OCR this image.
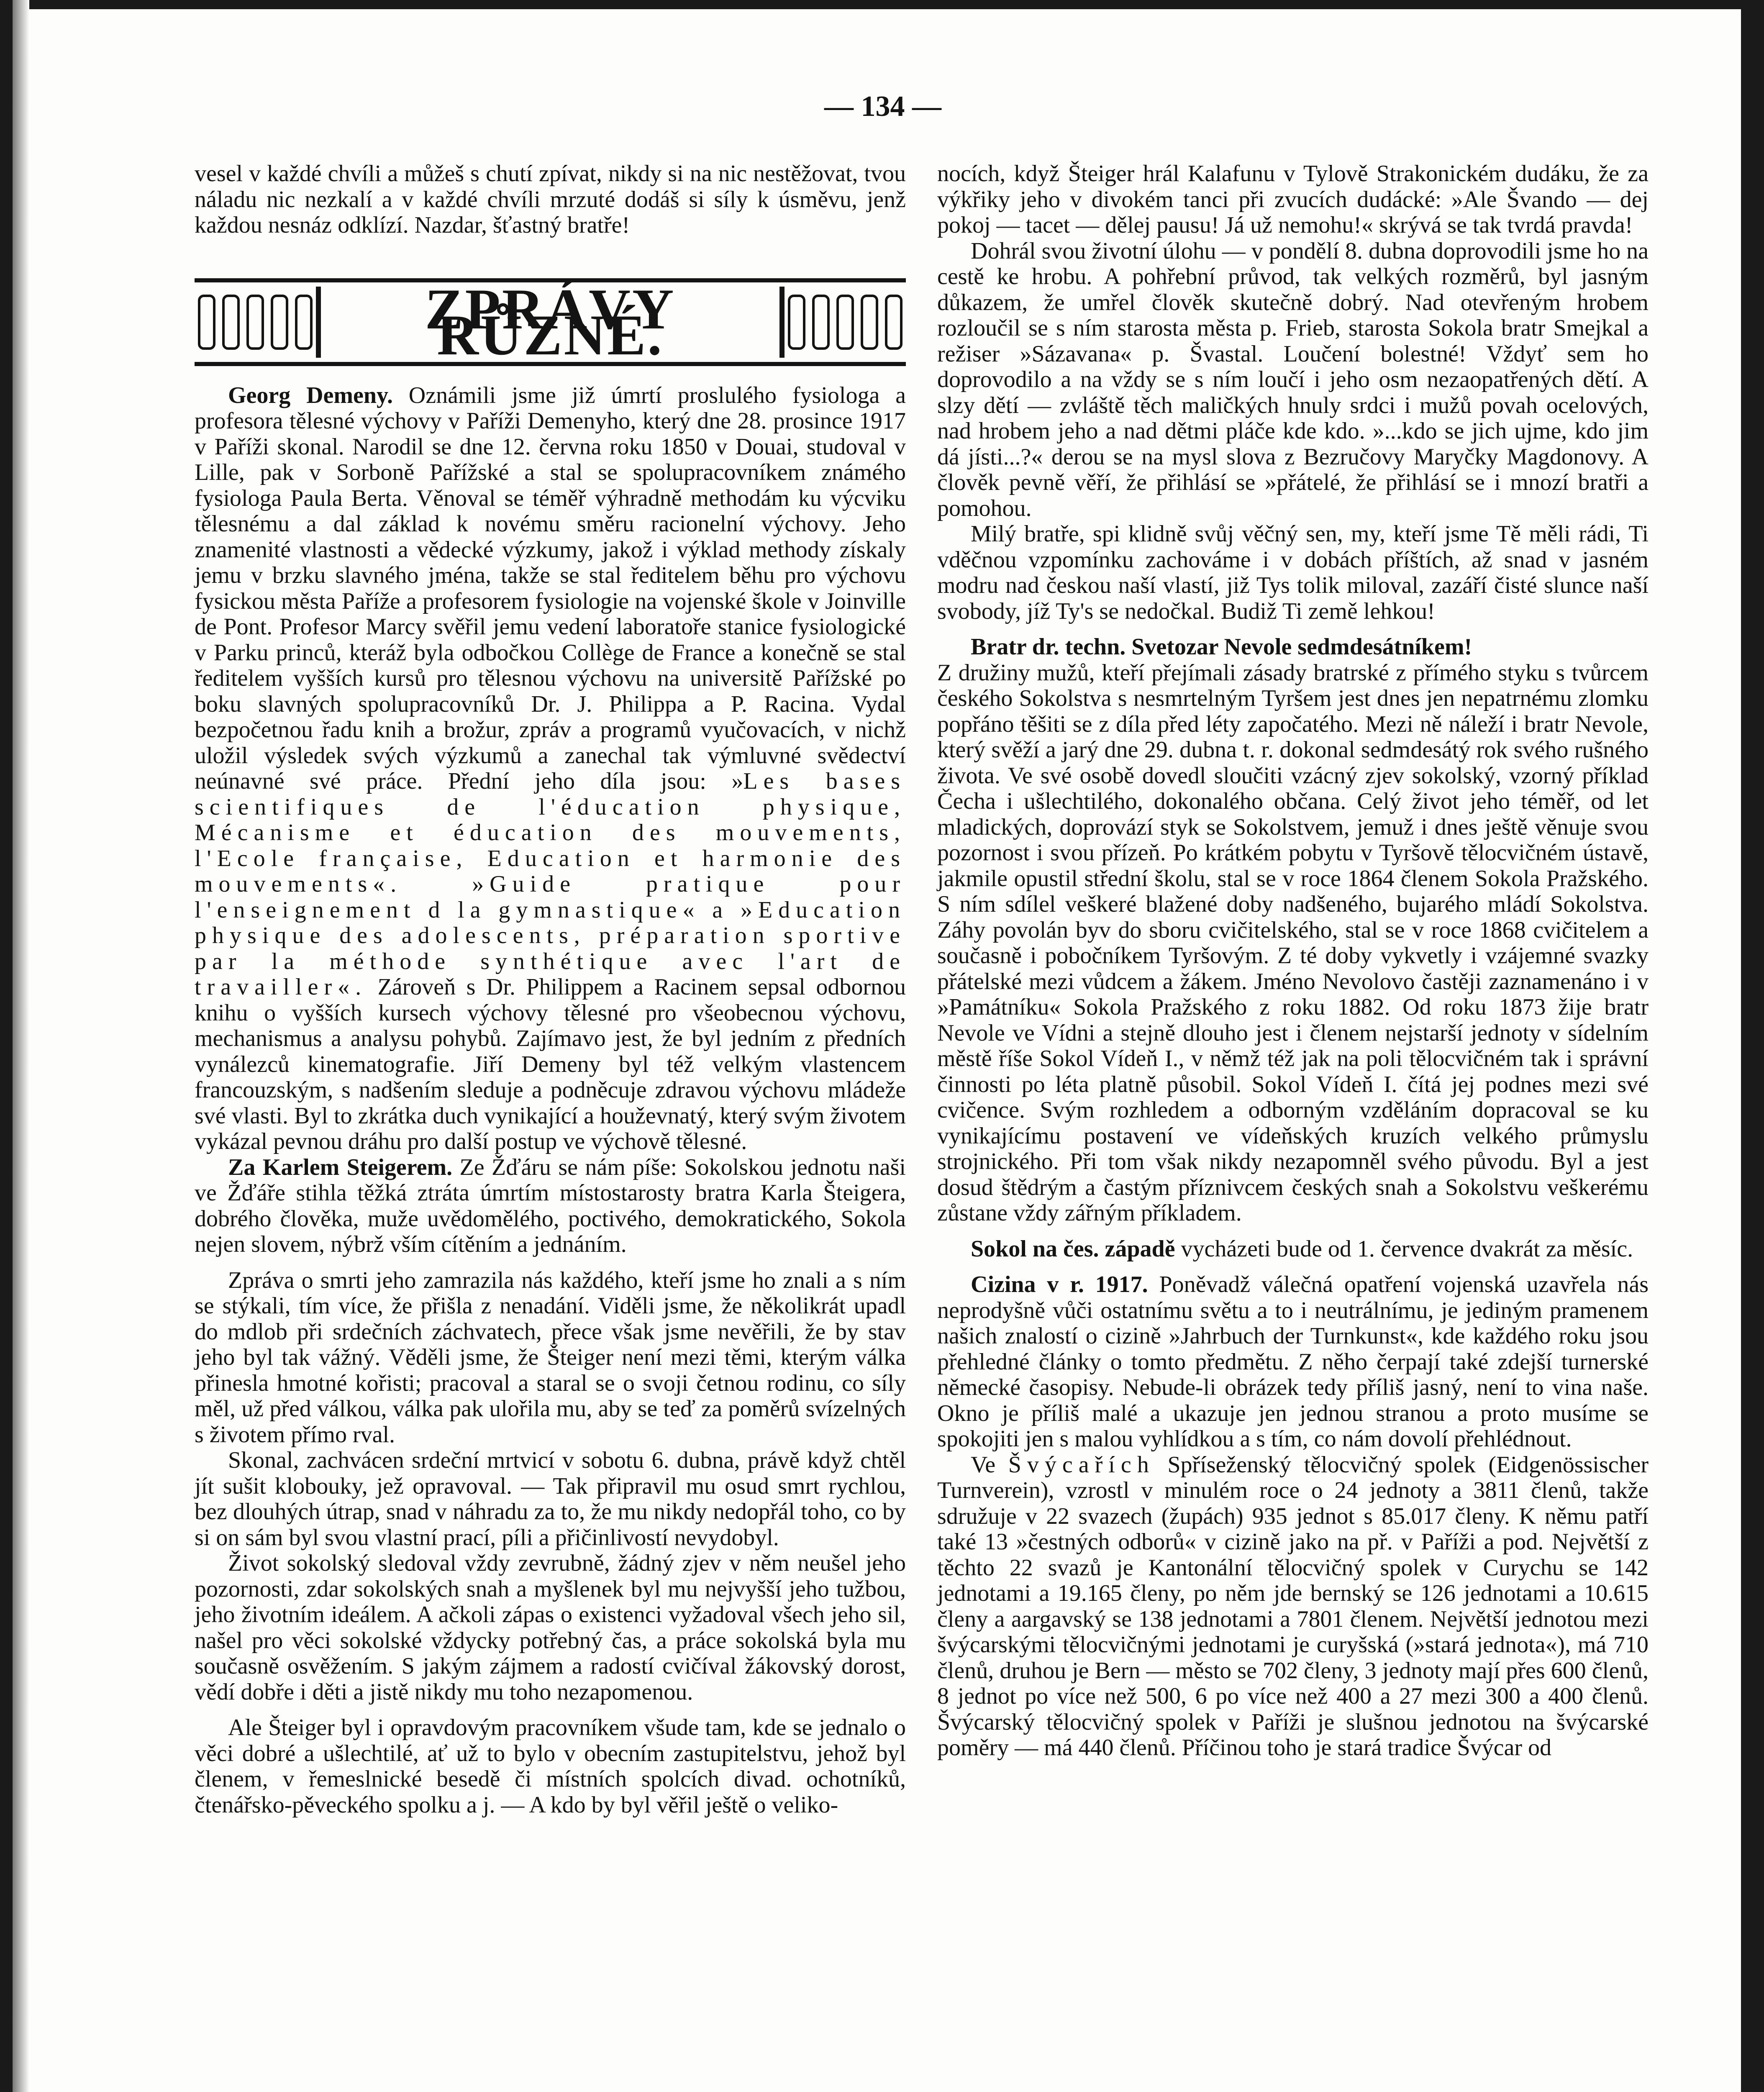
— 134 —

vesel v každé chvíli a můžeš s chutí zpívat, nikdy si na nic nestěžovat, tvou náladu nic nezkalí a v každé chvíli mrzuté dodáš si síly k úsměvu, jenž každou nesnáz odklízí. Nazdar, šťastný bratře!

ZPRÁVY RŮZNÉ.

Georg Demeny. Oznámili jsme již úmrtí proslulého fysiologa a profesora tělesné výchovy v Paříži Demenyho, který dne 28. prosince 1917 v Paříži skonal. Narodil se dne 12. června roku 1850 v Douai, studoval v Lille, pak v Sorboně Pařížské a stal se spolupracovníkem známého fysiologa Paula Berta. Věnoval se téměř výhradně methodám ku výcviku tělesnému a dal základ k novému směru racionelní výchovy. Jeho znamenité vlastnosti a vědecké výzkumy, jakož i výklad methody získaly jemu v brzku slavného jména, takže se stal ředitelem běhu pro výchovu fysickou města Paříže a profesorem fysiologie na vojenské škole v Joinville de Pont. Profesor Marcy svěřil jemu vedení laboratoře stanice fysiologické v Parku princů, kteráž byla odbočkou Collège de France a konečně se stal ředitelem vyšších kursů pro tělesnou výchovu na universitě Pařížské po boku slavných spolupracovníků Dr. J. Philippa a P. Racina. Vydal bezpočetnou řadu knih a brožur, zpráv a programů vyučovacích, v nichž uložil výsledek svých výzkumů a zanechal tak výmluvné svědectví neúnavné své práce. Přední jeho díla jsou: »Les bases scientifiques de l'éducation physique, Mécanisme et éducation des mouvements, l'Ecole française, Education et harmonie des mouvements«. »Guide pratique pour l'enseignement d la gymnastique« a »Education physique des adolescents, préparation sportive par la méthode synthétique avec l'art de travailler«. Zároveň s Dr. Philippem a Racinem sepsal odbornou knihu o vyšších kursech výchovy tělesné pro všeobecnou výchovu, mechanismus a analysu pohybů. Zajímavo jest, že byl jedním z předních vynálezců kinematografie. Jiří Demeny byl též velkým vlastencem francouzským, s nadšením sleduje a podněcuje zdravou výchovu mládeže své vlasti. Byl to zkrátka duch vynikající a houževnatý, který svým životem vykázal pevnou dráhu pro další postup ve výchově tělesné.

Za Karlem Steigerem. Ze Žďáru se nám píše: Sokolskou jednotu naši ve Žďáře stihla těžká ztráta úmrtím místostarosty bratra Karla Šteigera, dobrého člověka, muže uvědomělého, poctivého, demokratického, Sokola nejen slovem, nýbrž vším cítěním a jednáním.

Zpráva o smrti jeho zamrazila nás každého, kteří jsme ho znali a s ním se stýkali, tím více, že přišla z nenadání. Viděli jsme, že několikrát upadl do mdlob při srdečních záchvatech, přece však jsme nevěřili, že by stav jeho byl tak vážný. Věděli jsme, že Šteiger není mezi těmi, kterým válka přinesla hmotné kořisti; pracoval a staral se o svoji četnou rodinu, co síly měl, už před válkou, válka pak ulořila mu, aby se teď za poměrů svízelných s životem přímo rval.

Skonal, zachvácen srdeční mrtvicí v sobotu 6. dubna, právě když chtěl jít sušit klobouky, jež opravoval. — Tak připravil mu osud smrt rychlou, bez dlouhých útrap, snad v náhradu za to, že mu nikdy nedopřál toho, co by si on sám byl svou vlastní prací, píli a přičinlivostí nevydobyl.

Život sokolský sledoval vždy zevrubně, žádný zjev v něm neušel jeho pozornosti, zdar sokolských snah a myšlenek byl mu nejvyšší jeho tužbou, jeho životním ideálem. A ačkoli zápas o existenci vyžadoval všech jeho sil, našel pro věci sokolské vždycky potřebný čas, a práce sokolská byla mu současně osvěžením. S jakým zájmem a radostí cvičíval žákovský dorost, vědí dobře i děti a jistě nikdy mu toho nezapomenou.

Ale Šteiger byl i opravdovým pracovníkem všude tam, kde se jednalo o věci dobré a ušlechtilé, ať už to bylo v obecním zastupitelstvu, jehož byl členem, v řemeslnické besedě či místních spolcích divad. ochotníků, čtenářsko-pěveckého spolku a j. — A kdo by byl věřil ještě o veliko-

nocích, když Šteiger hrál Kalafunu v Tylově Strakonickém dudáku, že za výkřiky jeho v divokém tanci při zvucích dudácké: »Ale Švando — dej pokoj — tacet — dělej pausu! Já už nemohu!« skrývá se tak tvrdá pravda!

Dohrál svou životní úlohu — v pondělí 8. dubna doprovodili jsme ho na cestě ke hrobu. A pohřební průvod, tak velkých rozměrů, byl jasným důkazem, že umřel člověk skutečně dobrý. Nad otevřeným hrobem rozloučil se s ním starosta města p. Frieb, starosta Sokola bratr Smejkal a režiser »Sázavana« p. Švastal. Loučení bolestné! Vždyť sem ho doprovodilo a na vždy se s ním loučí i jeho osm nezaopatřených dětí. A slzy dětí — zvláště těch maličkých hnuly srdci i mužů povah ocelových, nad hrobem jeho a nad dětmi pláče kde kdo. »...kdo se jich ujme, kdo jim dá jísti...?« derou se na mysl slova z Bezručovy Maryčky Magdonovy. A člověk pevně věří, že přihlásí se »přátelé, že přihlásí se i mnozí bratři a pomohou.

Milý bratře, spi klidně svůj věčný sen, my, kteří jsme Tě měli rádi, Ti vděčnou vzpomínku zachováme i v dobách příštích, až snad v jasném modru nad českou naší vlastí, již Tys tolik miloval, zazáří čisté slunce naší svobody, jíž Ty's se nedočkal. Budiž Ti země lehkou!

Bratr dr. techn. Svetozar Nevole sedmdesátníkem!

Z družiny mužů, kteří přejímali zásady bratrské z přímého styku s tvůrcem českého Sokolstva s nesmrtelným Tyršem jest dnes jen nepatrnému zlomku popřáno těšiti se z díla před léty započatého. Mezi ně náleží i bratr Nevole, který svěží a jarý dne 29. dubna t. r. dokonal sedmdesátý rok svého rušného života. Ve své osobě dovedl sloučiti vzácný zjev sokolský, vzorný příklad Čecha i ušlechtilého, dokonalého občana. Celý život jeho téměř, od let mladických, doprovází styk se Sokolstvem, jemuž i dnes ještě věnuje svou pozornost i svou přízeň. Po krátkém pobytu v Tyršově tělocvičném ústavě, jakmile opustil střední školu, stal se v roce 1864 členem Sokola Pražského. S ním sdílel veškeré blažené doby nadšeného, bujarého mládí Sokolstva. Záhy povolán byv do sboru cvičitelského, stal se v roce 1868 cvičitelem a současně i pobočníkem Tyršovým. Z té doby vykvetly i vzájemné svazky přátelské mezi vůdcem a žákem. Jméno Nevolovo častěji zaznamenáno i v »Památníku« Sokola Pražského z roku 1882. Od roku 1873 žije bratr Nevole ve Vídni a stejně dlouho jest i členem nejstarší jednoty v sídelním městě říše Sokol Vídeň I., v němž též jak na poli tělocvičném tak i správní činnosti po léta platně působil. Sokol Vídeň I. čítá jej podnes mezi své cvičence. Svým rozhledem a odborným vzděláním dopracoval se ku vynikajícímu postavení ve vídeňských kruzích velkého průmyslu strojnického. Při tom však nikdy nezapomněl svého původu. Byl a jest dosud štědrým a častým příznivcem českých snah a Sokolstvu veškerému zůstane vždy zářným příkladem.

Sokol na čes. západě vycházeti bude od 1. července dvakrát za měsíc.

Cizina v r. 1917. Poněvadž válečná opatření vojenská uzavřela nás neprodyšně vůči ostatnímu světu a to i neutrálnímu, je jediným pramenem našich znalostí o cizině »Jahrbuch der Turnkunst«, kde každého roku jsou přehledné články o tomto předmětu. Z něho čerpají také zdejší turnerské německé časopisy. Nebude-li obrázek tedy příliš jasný, není to vina naše. Okno je příliš malé a ukazuje jen jednou stranou a proto musíme se spokojiti jen s malou vyhlídkou a s tím, co nám dovolí přehlédnout.

Ve Švýcařích Spříseženský tělocvičný spolek (Eidgenössischer Turnverein), vzrostl v minulém roce o 24 jednoty a 3811 členů, takže sdružuje v 22 svazech (župách) 935 jednot s 85.017 členy. K němu patří také 13 »čestných odborů« v cizině jako na př. v Paříži a pod. Největší z těchto 22 svazů je Kantonální tělocvičný spolek v Curychu se 142 jednotami a 19.165 členy, po něm jde bernský se 126 jednotami a 10.615 členy a aargavský se 138 jednotami a 7801 členem. Největší jednotou mezi švýcarskými tělocvičnými jednotami je curyšská (»stará jednota«), má 710 členů, druhou je Bern — město se 702 členy, 3 jednoty mají přes 600 členů, 8 jednot po více než 500, 6 po více než 400 a 27 mezi 300 a 400 členů. Švýcarský tělocvičný spolek v Paříži je slušnou jednotou na švýcarské poměry — má 440 členů. Příčinou toho je stará tradice Švýcar od
